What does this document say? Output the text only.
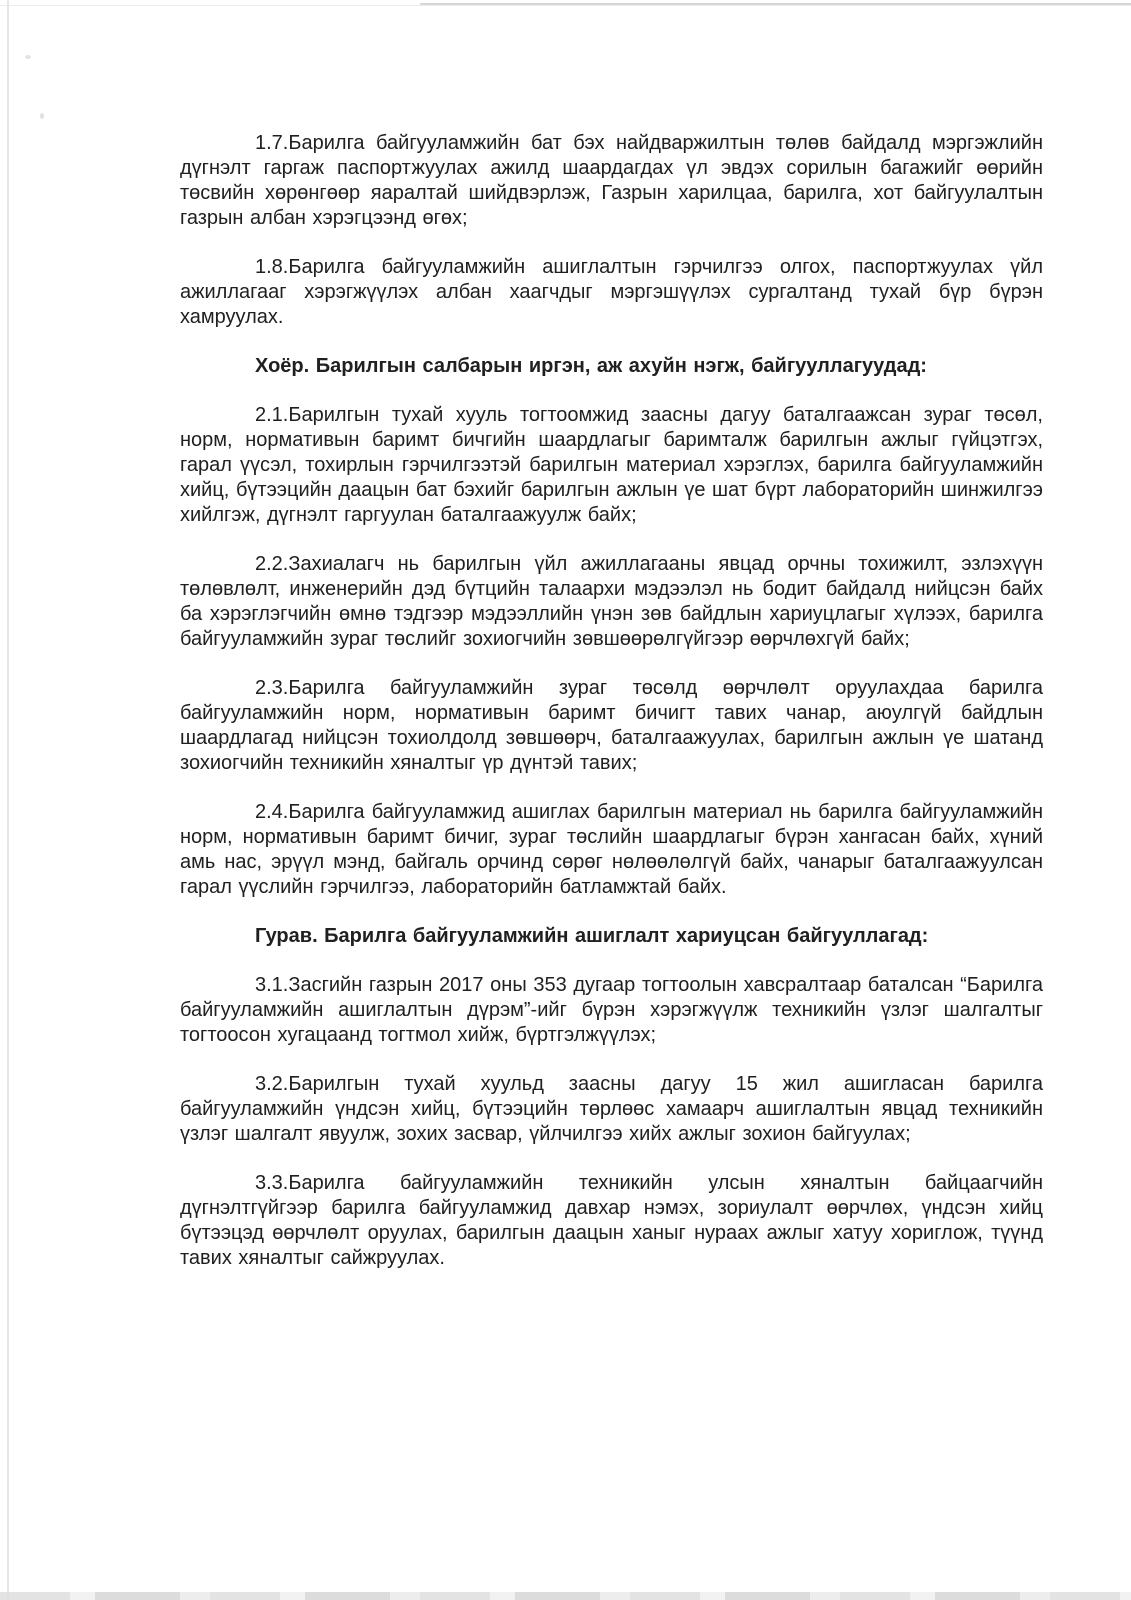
1.7.Барилга байгууламжийн бат бэх найдваржилтын төлөв байдалд мэргэжлийн дүгнэлт гаргаж паспортжуулах ажилд шаардагдах үл эвдэх сорилын багажийг өөрийн төсвийн хөрөнгөөр яаралтай шийдвэрлэж, Газрын харилцаа, барилга, хот байгуулалтын газрын албан хэрэгцээнд өгөх;

1.8.Барилга байгууламжийн ашиглалтын гэрчилгээ олгох, паспортжуулах үйл ажиллагааг хэрэгжүүлэх албан хаагчдыг мэргэшүүлэх сургалтанд тухай бүр бүрэн хамруулах.

Хоёр. Барилгын салбарын иргэн, аж ахуйн нэгж, байгууллагуудад:

2.1.Барилгын тухай хууль тогтоомжид заасны дагуу баталгаажсан зураг төсөл, норм, нормативын баримт бичгийн шаардлагыг баримталж барилгын ажлыг гүйцэтгэх, гарал үүсэл, тохирлын гэрчилгээтэй барилгын материал хэрэглэх, барилга байгууламжийн хийц, бүтээцийн даацын бат бэхийг барилгын ажлын үе шат бүрт лабораторийн шинжилгээ хийлгэж, дүгнэлт гаргуулан баталгаажуулж байх;

2.2.Захиалагч нь барилгын үйл ажиллагааны явцад орчны тохижилт, эзлэхүүн төлөвлөлт, инженерийн дэд бүтцийн талаархи мэдээлэл нь бодит байдалд нийцсэн байх ба хэрэглэгчийн өмнө тэдгээр мэдээллийн үнэн зөв байдлын хариуцлагыг хүлээх, барилга байгууламжийн зураг төслийг зохиогчийн зөвшөөрөлгүйгээр өөрчлөхгүй байх;

2.3.Барилга байгууламжийн зураг төсөлд өөрчлөлт оруулахдаа барилга байгууламжийн норм, нормативын баримт бичигт тавих чанар, аюулгүй байдлын шаардлагад нийцсэн тохиолдолд зөвшөөрч, баталгаажуулах, барилгын ажлын үе шатанд зохиогчийн техникийн хяналтыг үр дүнтэй тавих;

2.4.Барилга байгууламжид ашиглах барилгын материал нь барилга байгууламжийн норм, нормативын баримт бичиг, зураг төслийн шаардлагыг бүрэн хангасан байх, хүний амь нас, эрүүл мэнд, байгаль орчинд сөрөг нөлөөлөлгүй байх, чанарыг баталгаажуулсан гарал үүслийн гэрчилгээ, лабораторийн батламжтай байх.

Гурав. Барилга байгууламжийн ашиглалт хариуцсан байгууллагад:

3.1.Засгийн газрын 2017 оны 353 дугаар тогтоолын хавсралтаар баталсан “Барилга байгууламжийн ашиглалтын дүрэм”-ийг бүрэн хэрэгжүүлж техникийн үзлэг шалгалтыг тогтоосон хугацаанд тогтмол хийж, бүртгэлжүүлэх;

3.2.Барилгын тухай хуульд заасны дагуу 15 жил ашигласан барилга байгууламжийн үндсэн хийц, бүтээцийн төрлөөс хамаарч ашиглалтын явцад техникийн үзлэг шалгалт явуулж, зохих засвар, үйлчилгээ хийх ажлыг зохион байгуулах;

3.3.Барилга байгууламжийн техникийн улсын хяналтын байцаагчийн дүгнэлтгүйгээр барилга байгууламжид давхар нэмэх, зориулалт өөрчлөх, үндсэн хийц бүтээцэд өөрчлөлт оруулах, барилгын даацын ханыг нураах ажлыг хатуу хориглож, түүнд тавих хяналтыг сайжруулах.
